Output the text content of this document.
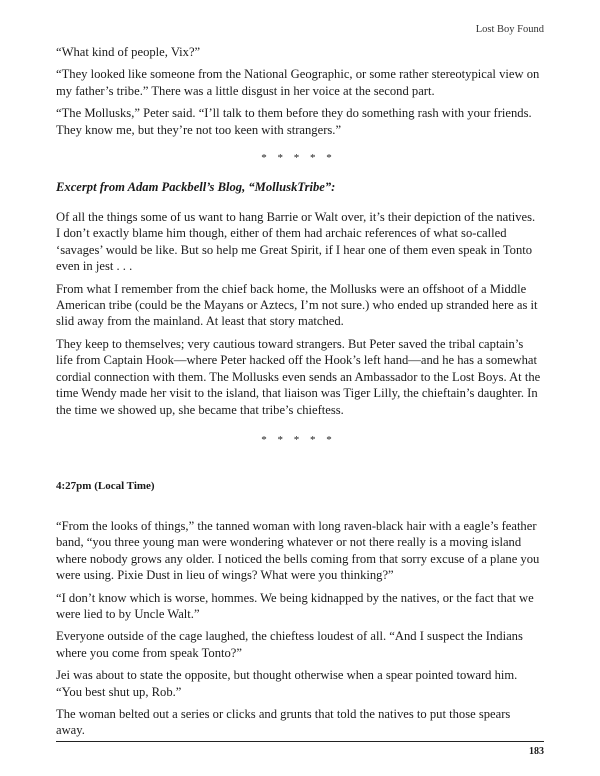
Lost Boy Found

“What kind of people, Vix?”

“They looked like someone from the National Geographic, or some rather stereotypical view on my father’s tribe.” There was a little disgust in her voice at the second part.

“The Mollusks,” Peter said. “I’ll talk to them before they do something rash with your friends. They know me, but they’re not too keen with strangers.”

* * * * *
Excerpt from Adam Packbell’s Blog, “MolluskTribe”:

Of all the things some of us want to hang Barrie or Walt over, it’s their depiction of the natives. I don’t exactly blame him though, either of them had archaic references of what so-called ‘savages’ would be like. But so help me Great Spirit, if I hear one of them even speak in Tonto even in jest . . .

From what I remember from the chief back home, the Mollusks were an offshoot of a Middle American tribe (could be the Mayans or Aztecs, I’m not sure.) who ended up stranded here as it slid away from the mainland. At least that story matched.

They keep to themselves; very cautious toward strangers. But Peter saved the tribal captain’s life from Captain Hook—where Peter hacked off the Hook’s left hand—and he has a somewhat cordial connection with them. The Mollusks even sends an Ambassador to the Lost Boys. At the time Wendy made her visit to the island, that liaison was Tiger Lilly, the chieftain’s daughter. In the time we showed up, she became that tribe’s chieftess.

* * * * *
4:27pm (Local Time)

“From the looks of things,” the tanned woman with long raven-black hair with a eagle’s feather band, “you three young man were wondering whatever or not there really is a moving island where nobody grows any older. I noticed the bells coming from that sorry excuse of a plane you were using. Pixie Dust in lieu of wings? What were you thinking?”

“I don’t know which is worse, hommes. We being kidnapped by the natives, or the fact that we were lied to by Uncle Walt.”

Everyone outside of the cage laughed, the chieftess loudest of all. “And I suspect the Indians where you come from speak Tonto?”

Jei was about to state the opposite, but thought otherwise when a spear pointed toward him. “You best shut up, Rob.”

The woman belted out a series or clicks and grunts that told the natives to put those spears away.

183
